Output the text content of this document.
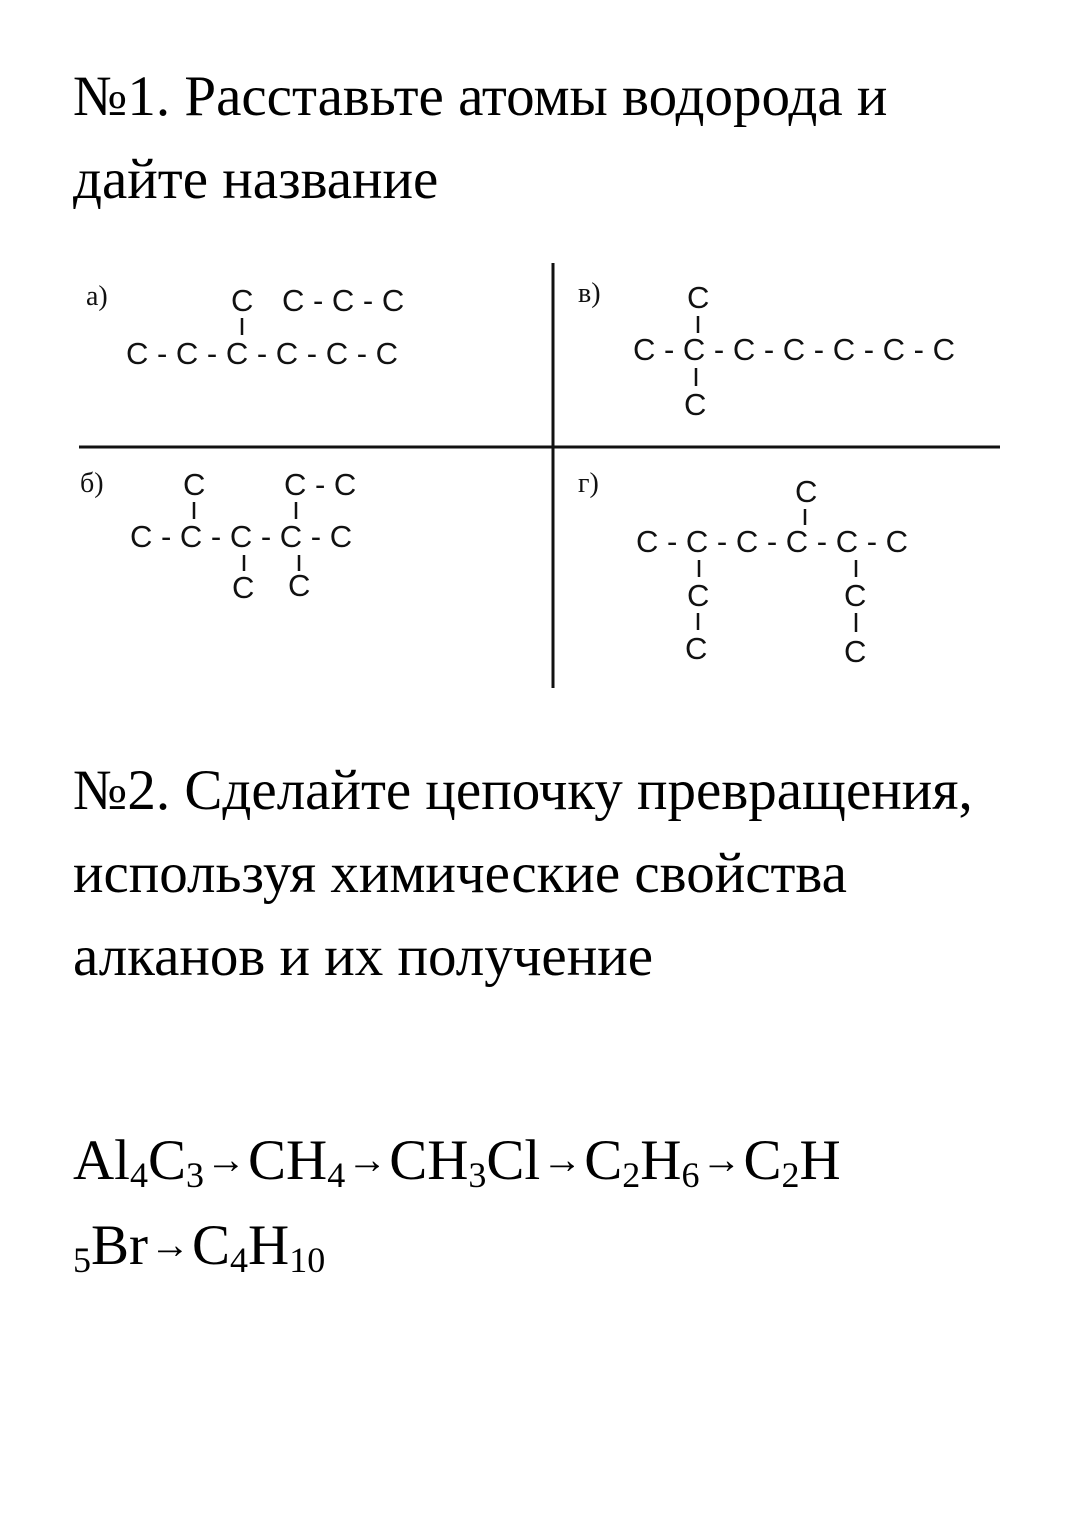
№1. Расставьте атомы водорода и дайте название
а)	C C - C - C
C - C - C - C - C - C
в)	C
C - C - C - C - C - C - C
C
б)	C	C - C
C - C - C - C - C
C C
г)	C
C - C - C - C - C - C
C
C
C
C
№2. Сделайте цепочку превращения, используя химические свойства алканов и их получение
$Al_4C_3\to CH_4\to CH_3Cl\to C_2H_6\to C_2H_5Br\to C_4H_{10}$
